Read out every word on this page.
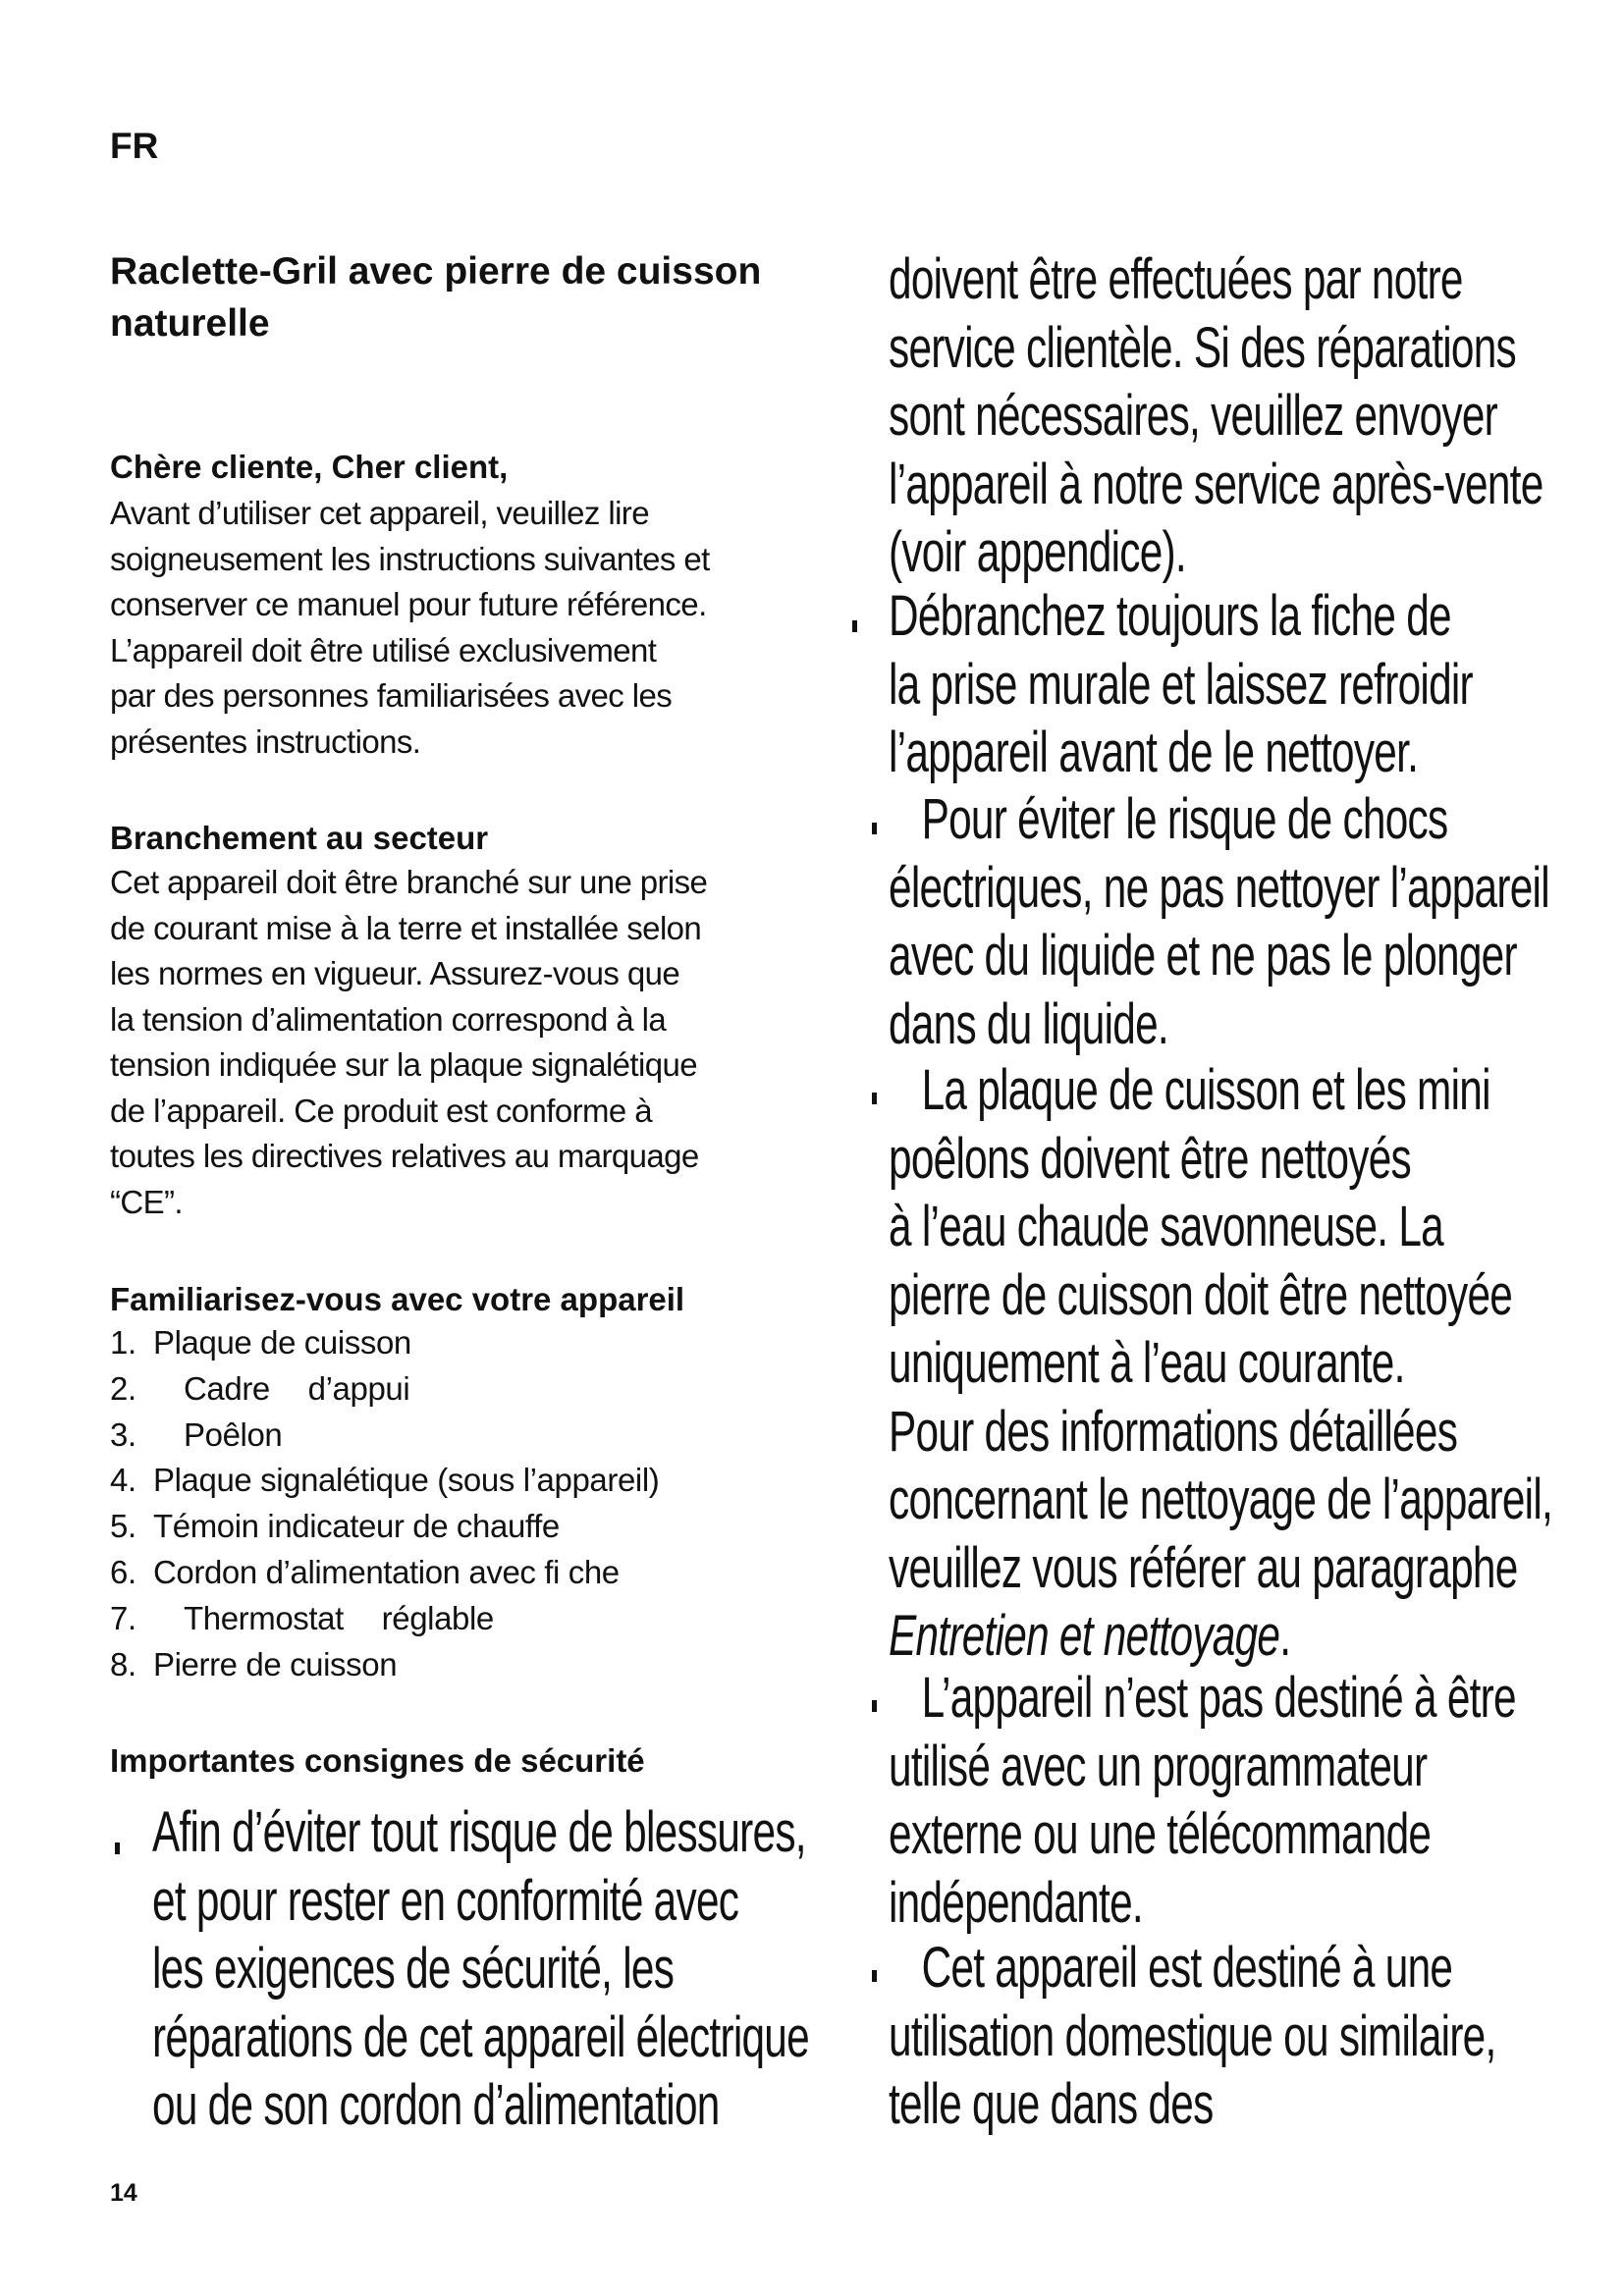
FR

14

Raclette-Gril avec pierre de cuisson
naturelle
Chère cliente, Cher client,

Avant d’utiliser cet appareil, veuillez lire
soigneusement les instructions suivantes et
conserver ce manuel pour future référence.
L’appareil doit être utilisé exclusivement
par des personnes familiarisées avec les
présentes instructions.

Branchement au secteur

Cet appareil doit être branché sur une prise
de courant mise à la terre et installée selon
les normes en vigueur. Assurez-vous que
la tension d’alimentation correspond à la
tension indiquée sur la plaque signalétique
de l’appareil. Ce produit est conforme à
toutes les directives relatives au marquage
“CE”.

Familiarisez-vous avec votre appareil
1. Plaque de cuisson
2. Cadre d’appui
3. Poêlon
4. Plaque signalétique (sous l’appareil)
5. Témoin indicateur de chauffe
6. Cordon d’alimentation avec fi che
7. Thermostat réglable
8. Pierre de cuisson
Importantes consignes de sécurité

Afin d’éviter tout risque de blessures,
et pour rester en conformité avec
les exigences de sécurité, les
réparations de cet appareil électrique
ou de son cordon d’alimentation

doivent être effectuées par notre
service clientèle. Si des réparations
sont nécessaires, veuillez envoyer
l’appareil à notre service après-vente
(voir appendice).

Débranchez toujours la fiche de
la prise murale et laissez refroidir
l’appareil avant de le nettoyer.

Pour éviter le risque de chocs
électriques, ne pas nettoyer l’appareil
avec du liquide et ne pas le plonger
dans du liquide.

La plaque de cuisson et les mini
poêlons doivent être nettoyés
à l’eau chaude savonneuse. La
pierre de cuisson doit être nettoyée
uniquement à l’eau courante.
Pour des informations détaillées
concernant le nettoyage de l’appareil,
veuillez vous référer au paragraphe
Entretien et nettoyage.

L’appareil n’est pas destiné à être
utilisé avec un programmateur
externe ou une télécommande
indépendante.

Cet appareil est destiné à une
utilisation domestique ou similaire,
telle que dans des
